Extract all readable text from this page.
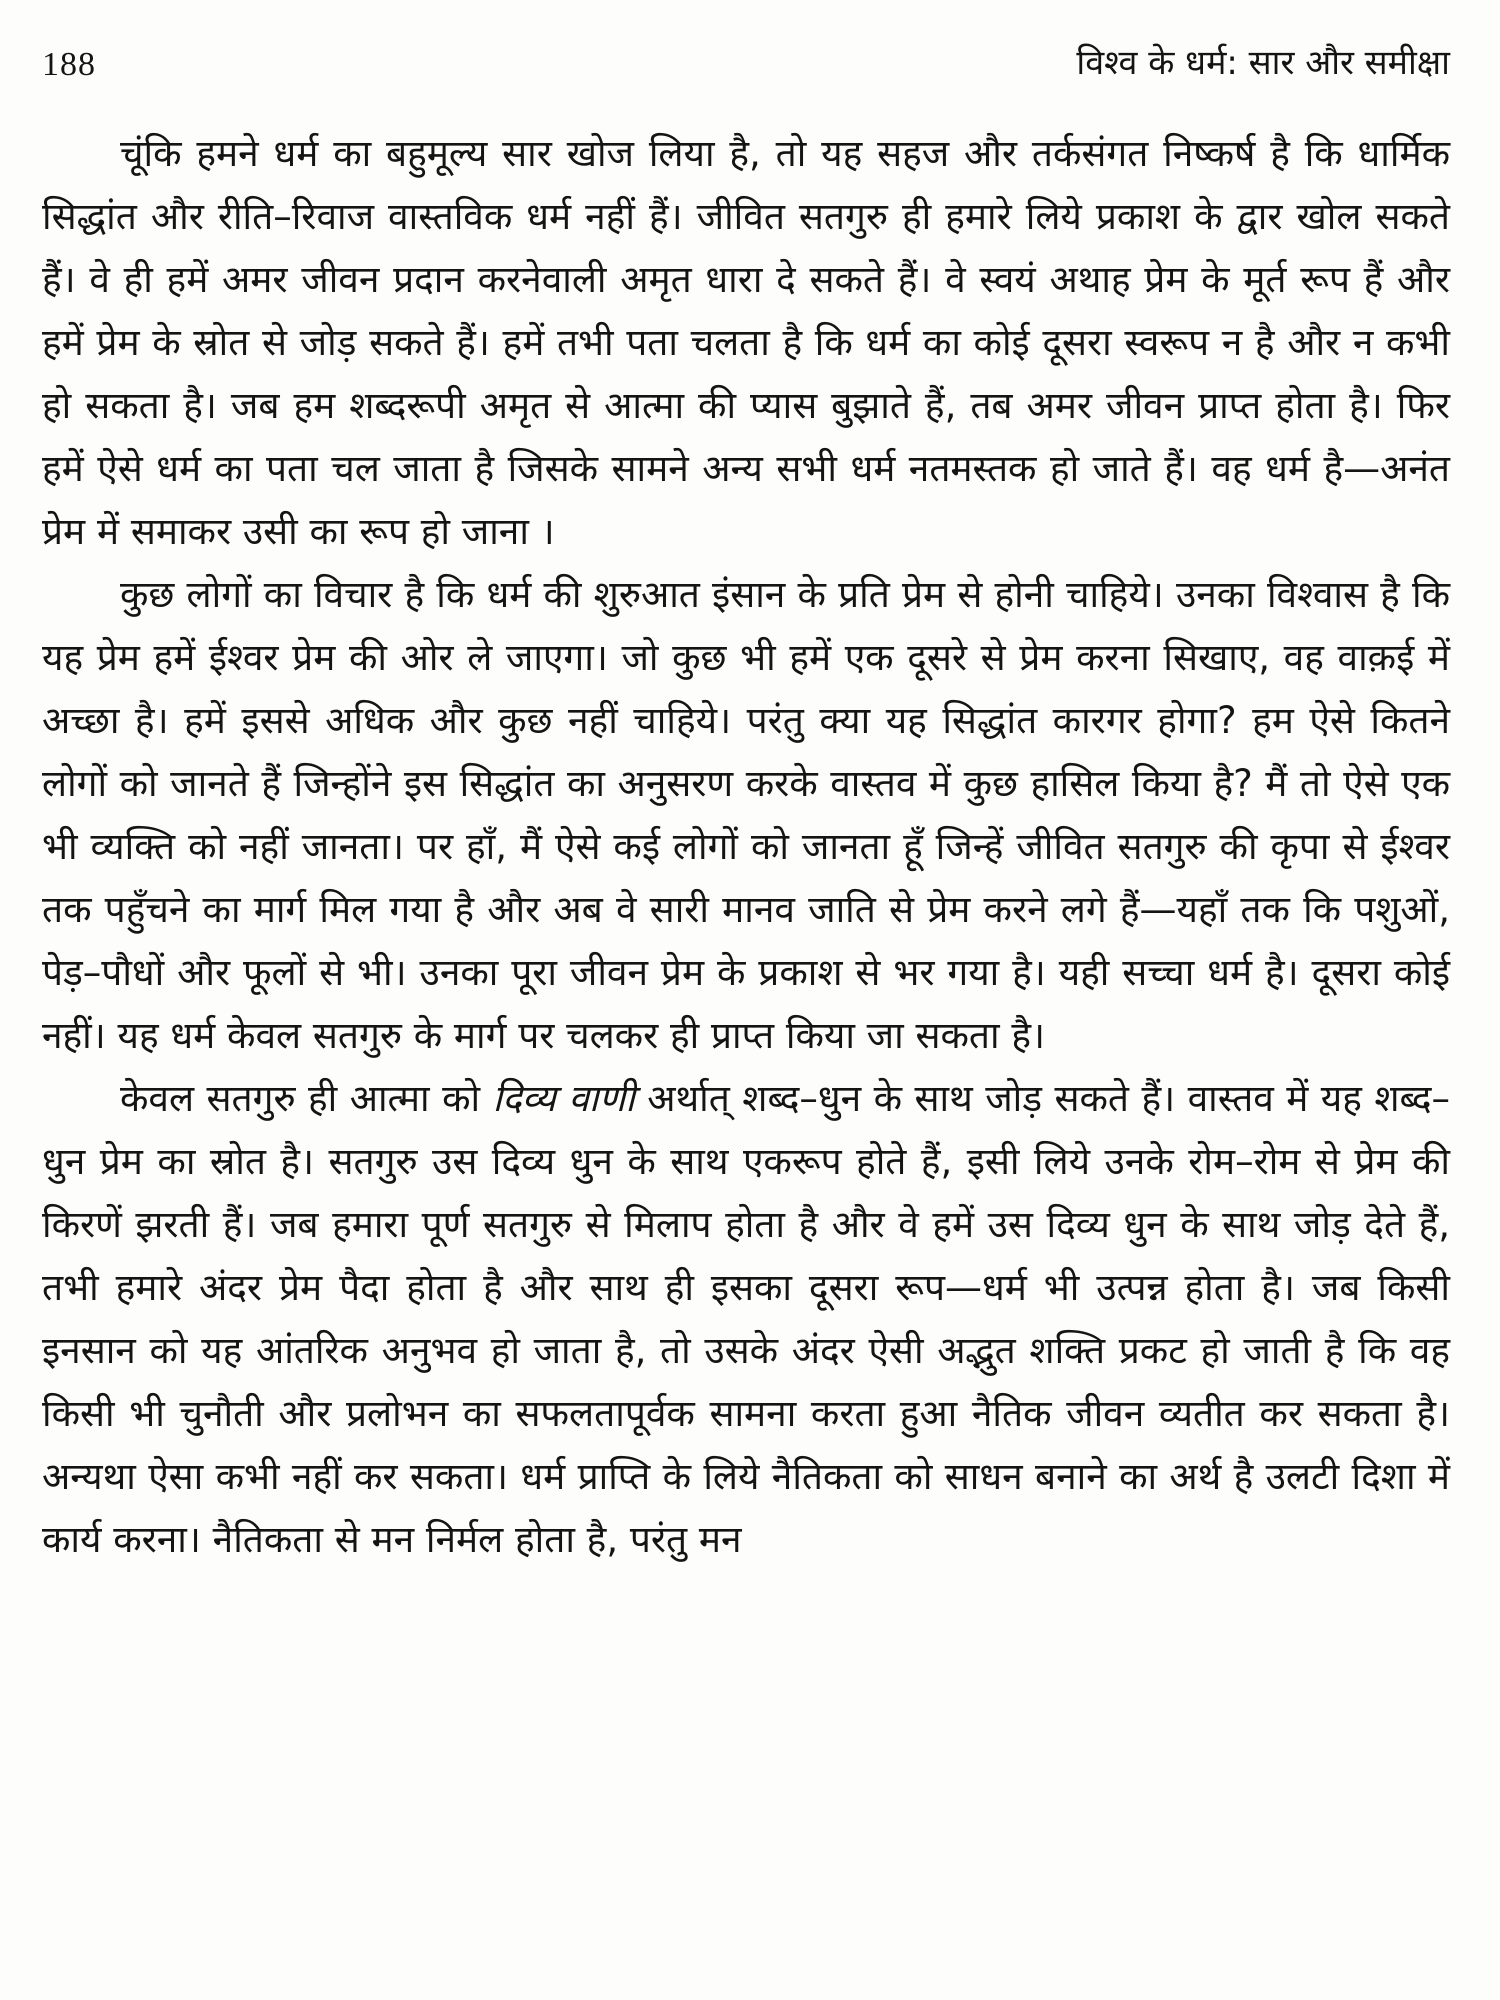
188	विश्व के धर्म: सार और समीक्षा

चूंकि हमने धर्म का बहुमूल्य सार खोज लिया है, तो यह सहज और तर्कसंगत निष्कर्ष है कि धार्मिक सिद्धांत और रीति–रिवाज वास्तविक धर्म नहीं हैं। जीवित सतगुरु ही हमारे लिये प्रकाश के द्वार खोल सकते हैं। वे ही हमें अमर जीवन प्रदान करनेवाली अमृत धारा दे सकते हैं। वे स्वयं अथाह प्रेम के मूर्त रूप हैं और हमें प्रेम के स्रोत से जोड़ सकते हैं। हमें तभी पता चलता है कि धर्म का कोई दूसरा स्वरूप न है और न कभी हो सकता है। जब हम शब्दरूपी अमृत से आत्मा की प्यास बुझाते हैं, तब अमर जीवन प्राप्त होता है। फिर हमें ऐसे धर्म का पता चल जाता है जिसके सामने अन्य सभी धर्म नतमस्तक हो जाते हैं। वह धर्म है—अनंत प्रेम में समाकर उसी का रूप हो जाना ।

कुछ लोगों का विचार है कि धर्म की शुरुआत इंसान के प्रति प्रेम से होनी चाहिये। उनका विश्वास है कि यह प्रेम हमें ईश्वर प्रेम की ओर ले जाएगा। जो कुछ भी हमें एक दूसरे से प्रेम करना सिखाए, वह वाक़ई में अच्छा है। हमें इससे अधिक और कुछ नहीं चाहिये। परंतु क्या यह सिद्धांत कारगर होगा? हम ऐसे कितने लोगों को जानते हैं जिन्होंने इस सिद्धांत का अनुसरण करके वास्तव में कुछ हासिल किया है? मैं तो ऐसे एक भी व्यक्ति को नहीं जानता। पर हाँ, मैं ऐसे कई लोगों को जानता हूँ जिन्हें जीवित सतगुरु की कृपा से ईश्वर तक पहुँचने का मार्ग मिल गया है और अब वे सारी मानव जाति से प्रेम करने लगे हैं—यहाँ तक कि पशुओं, पेड़–पौधों और फूलों से भी। उनका पूरा जीवन प्रेम के प्रकाश से भर गया है। यही सच्चा धर्म है। दूसरा कोई नहीं। यह धर्म केवल सतगुरु के मार्ग पर चलकर ही प्राप्त किया जा सकता है।

केवल सतगुरु ही आत्मा को दिव्य वाणी अर्थात् शब्द–धुन के साथ जोड़ सकते हैं। वास्तव में यह शब्द–धुन प्रेम का स्रोत है। सतगुरु उस दिव्य धुन के साथ एकरूप होते हैं, इसी लिये उनके रोम–रोम से प्रेम की किरणें झरती हैं। जब हमारा पूर्ण सतगुरु से मिलाप होता है और वे हमें उस दिव्य धुन के साथ जोड़ देते हैं, तभी हमारे अंदर प्रेम पैदा होता है और साथ ही इसका दूसरा रूप—धर्म भी उत्पन्न होता है। जब किसी इनसान को यह आंतरिक अनुभव हो जाता है, तो उसके अंदर ऐसी अद्भुत शक्ति प्रकट हो जाती है कि वह किसी भी चुनौती और प्रलोभन का सफलतापूर्वक सामना करता हुआ नैतिक जीवन व्यतीत कर सकता है। अन्यथा ऐसा कभी नहीं कर सकता। धर्म प्राप्ति के लिये नैतिकता को साधन बनाने का अर्थ है उलटी दिशा में कार्य करना। नैतिकता से मन निर्मल होता है, परंतु मन
